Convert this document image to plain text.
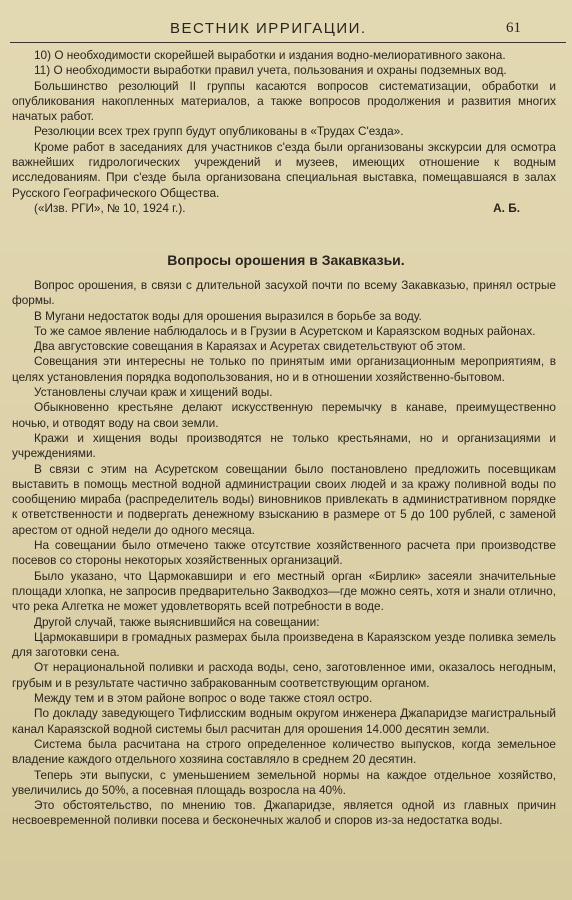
ВЕСТНИК ИРРИГАЦИИ.	61

10) О необходимости скорейшей выработки и издания водно-мелиоративного закона.

11) О необходимости выработки правил учета, пользования и охраны подземных вод.

Большинство резолюций II группы касаются вопросов систематизации, обработки и опубликования накопленных материалов, а также вопросов продолжения и развития многих начатых работ.

Резолюции всех трех групп будут опубликованы в «Трудах С'езда».

Кроме работ в заседаниях для участников с'езда были организованы экскурсии для осмотра важнейших гидрологических учреждений и музеев, имеющих отношение к водным исследованиям. При с'езде была организована специальная выставка, помещавшаяся в залах Русского Географического Общества.

(«Изв. РГИ», № 10, 1924 г.).	А. Б.
Вопросы орошения в Закавказьи.

Вопрос орошения, в связи с длительной засухой почти по всему Закавказью, принял острые формы.

В Мугани недостаток воды для орошения выразился в борьбе за воду.

То же самое явление наблюдалось и в Грузии в Асуретском и Караязском водных районах.

Два августовские совещания в Караязах и Асуретах свидетельствуют об этом.

Совещания эти интересны не только по принятым ими организационным мероприятиям, в целях установления порядка водопользования, но и в отношении хозяйственно-бытовом.

Установлены случаи краж и хищений воды.

Обыкновенно крестьяне делают искусственную перемычку в канаве, преимущественно ночью, и отводят воду на свои земли.

Кражи и хищения воды производятся не только крестьянами, но и организациями и учреждениями.

В связи с этим на Асуретском совещании было постановлено предложить посевщикам выставить в помощь местной водной администрации своих людей и за кражу поливной воды по сообщению мираба (распределитель воды) виновников привлекать в административном порядке к ответственности и подвергать денежному взысканию в размере от 5 до 100 рублей, с заменой арестом от одной недели до одного месяца.

На совещании было отмечено также отсутствие хозяйственного расчета при производстве посевов со стороны некоторых хозяйственных организаций.

Было указано, что Цармокавшири и его местный орган «Бирлик» засеяли значительные площади хлопка, не запросив предварительно Закводхоз—где можно сеять, хотя и знали отлично, что река Алгетка не может удовлетворять всей потребности в воде.

Другой случай, также выяснившийся на совещании:

Цармокавшири в громадных размерах была произведена в Караязском уезде поливка земель для заготовки сена.

От нерациональной поливки и расхода воды, сено, заготовленное ими, оказалось негодным, грубым и в результате частично забракованным соответствующим органом.

Между тем и в этом районе вопрос о воде также стоял остро.

По докладу заведующего Тифлисским водным округом инженера Джапаридзе магистральный канал Караязской водной системы был расчитан для орошения 14.000 десятин земли.

Система была расчитана на строго определенное количество выпусков, когда земельное владение каждого отдельного хозяина составляло в среднем 20 десятин.

Теперь эти выпуски, с уменьшением земельной нормы на каждое отдельное хозяйство, увеличились до 50%, а посевная площадь возросла на 40%.

Это обстоятельство, по мнению тов. Джапаридзе, является одной из главных причин несвоевременной поливки посева и бесконечных жалоб и споров из-за недостатка воды.
